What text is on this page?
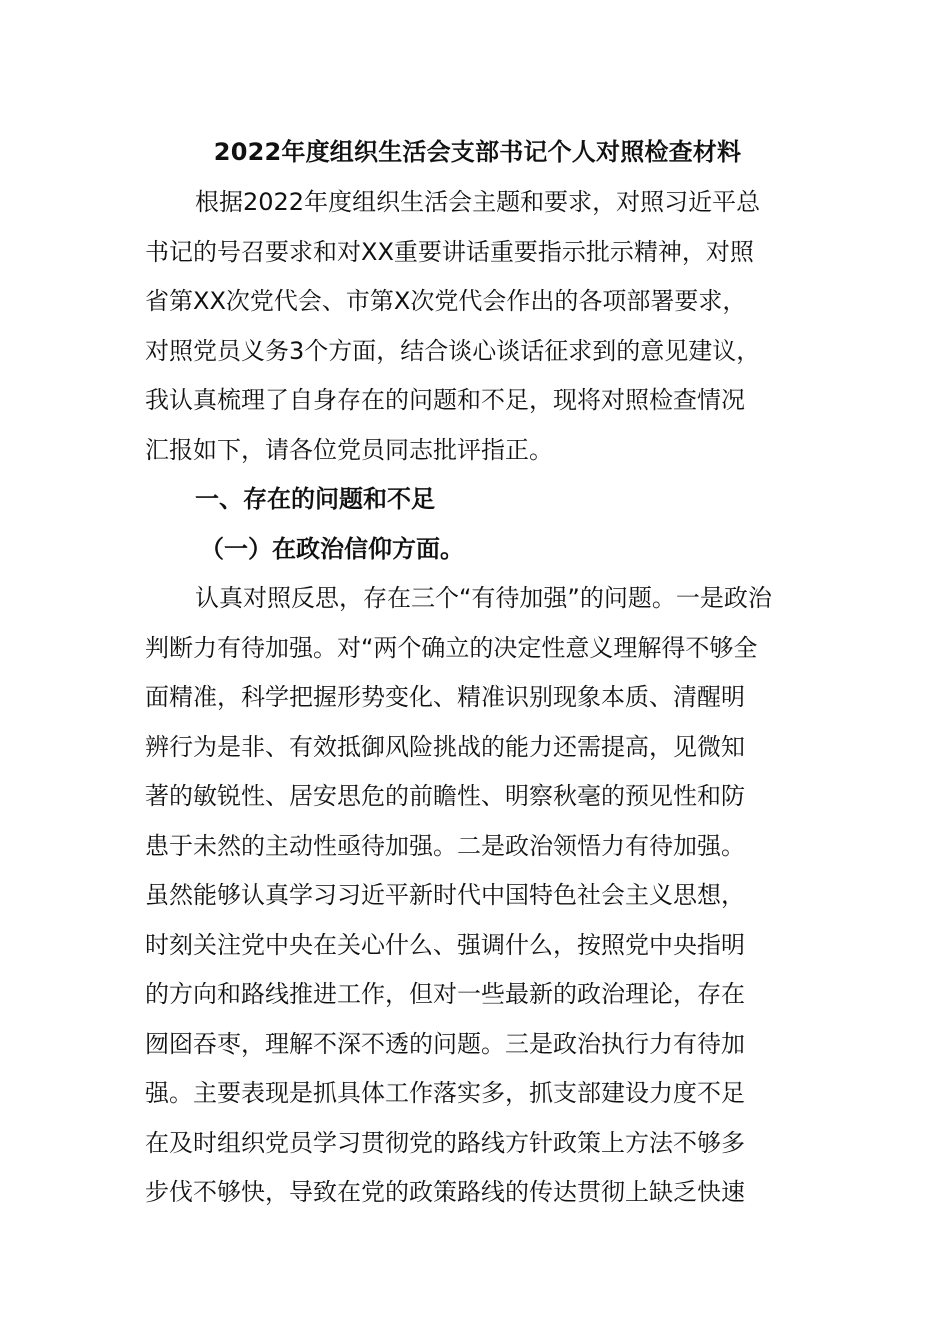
2022年度组织生活会支部书记个人对照检查材料
根据2022年度组织生活会主题和要求，对照习近平总
书记的号召要求和对XX重要讲话重要指示批示精神，对照
省第XX次党代会、市第X次党代会作出的各项部署要求，
对照党员义务3个方面，结合谈心谈话征求到的意见建议，
我认真梳理了自身存在的问题和不足，现将对照检查情况
汇报如下，请各位党员同志批评指正。
一、存在的问题和不足
（一）在政治信仰方面。
认真对照反思，存在三个“有待加强”的问题。一是政治
判断力有待加强。对“两个确立的决定性意义理解得不够全
面精准，科学把握形势变化、精准识别现象本质、清醒明
辨行为是非、有效抵御风险挑战的能力还需提高，见微知
著的敏锐性、居安思危的前瞻性、明察秋毫的预见性和防
患于未然的主动性亟待加强。二是政治领悟力有待加强。
虽然能够认真学习习近平新时代中国特色社会主义思想，
时刻关注党中央在关心什么、强调什么，按照党中央指明
的方向和路线推进工作，但对一些最新的政治理论，存在
囫囵吞枣，理解不深不透的问题。三是政治执行力有待加
强。主要表现是抓具体工作落实多，抓支部建设力度不足
在及时组织党员学习贯彻党的路线方针政策上方法不够多
步伐不够快，导致在党的政策路线的传达贯彻上缺乏快速
